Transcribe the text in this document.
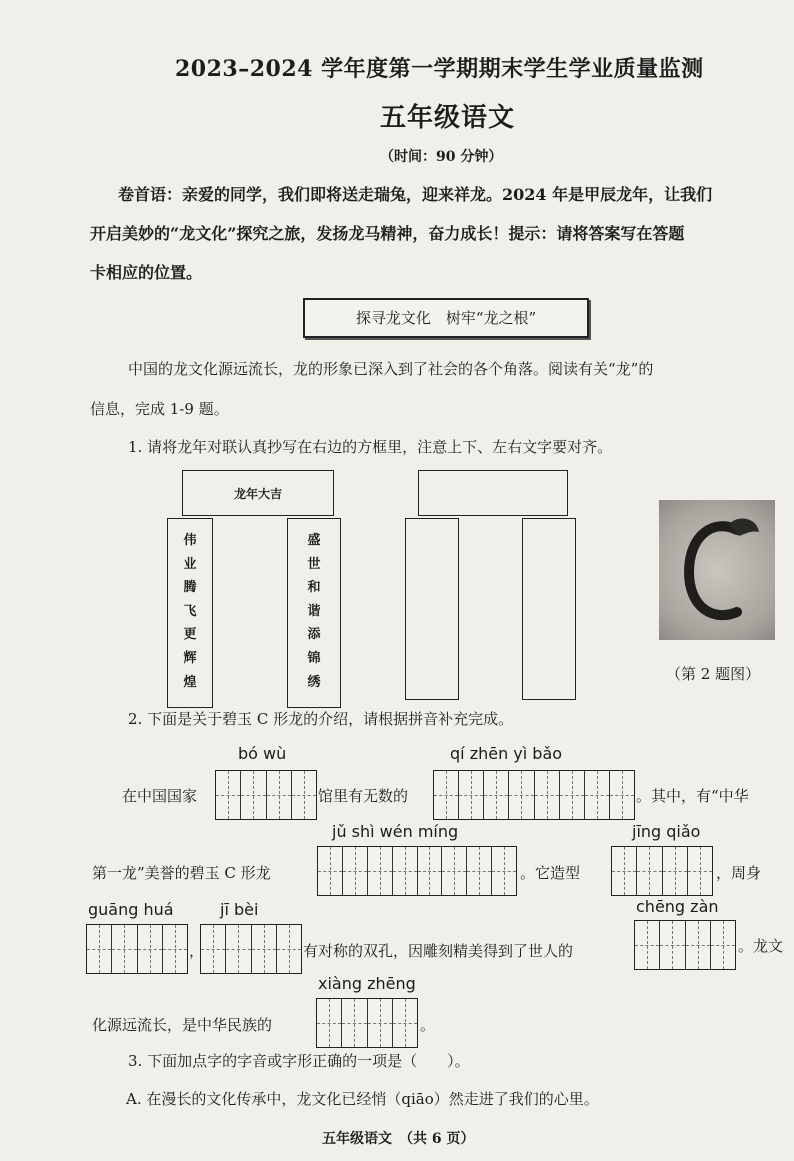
2023–2024 学年度第一学期期末学生学业质量监测
五年级语文
（时间：90 分钟）
卷首语：亲爱的同学，我们即将送走瑞兔，迎来祥龙。2024 年是甲辰龙年，让我们
开启美妙的“龙文化”探究之旅，发扬龙马精神，奋力成长！提示：请将答案写在答题
卡相应的位置。
探寻龙文化　树牢“龙之根”
中国的龙文化源远流长，龙的形象已深入到了社会的各个角落。阅读有关“龙”的
信息，完成 1-9 题。
1. 请将龙年对联认真抄写在右边的方框里，注意上下、左右文字要对齐。
龙年大吉
伟
业
腾
飞
更
辉
煌
盛
世
和
谐
添
锦
绣	（第 2 题图）
2. 下面是关于碧玉 C 形龙的介绍，请根据拼音补充完成。
bó wù	qí zhēn yì bǎo
在中国国家	馆里有无数的	。其中，有“中华
jǔ shì wén míng	jīng qiǎo
第一龙”美誉的碧玉 C 形龙	。它造型	，周身
guāng huá	jī bèi	chēng zàn
，	有对称的双孔，因雕刻精美得到了世人的	。龙文
xiàng zhēng
化源远流长，是中华民族的	。
3. 下面加点字的字音或字形正确的一项是（　　）。
A. 在漫长的文化传承中，龙文化已经悄（qiāo）然走进了我们的心里。
五年级语文　（共 6 页）
